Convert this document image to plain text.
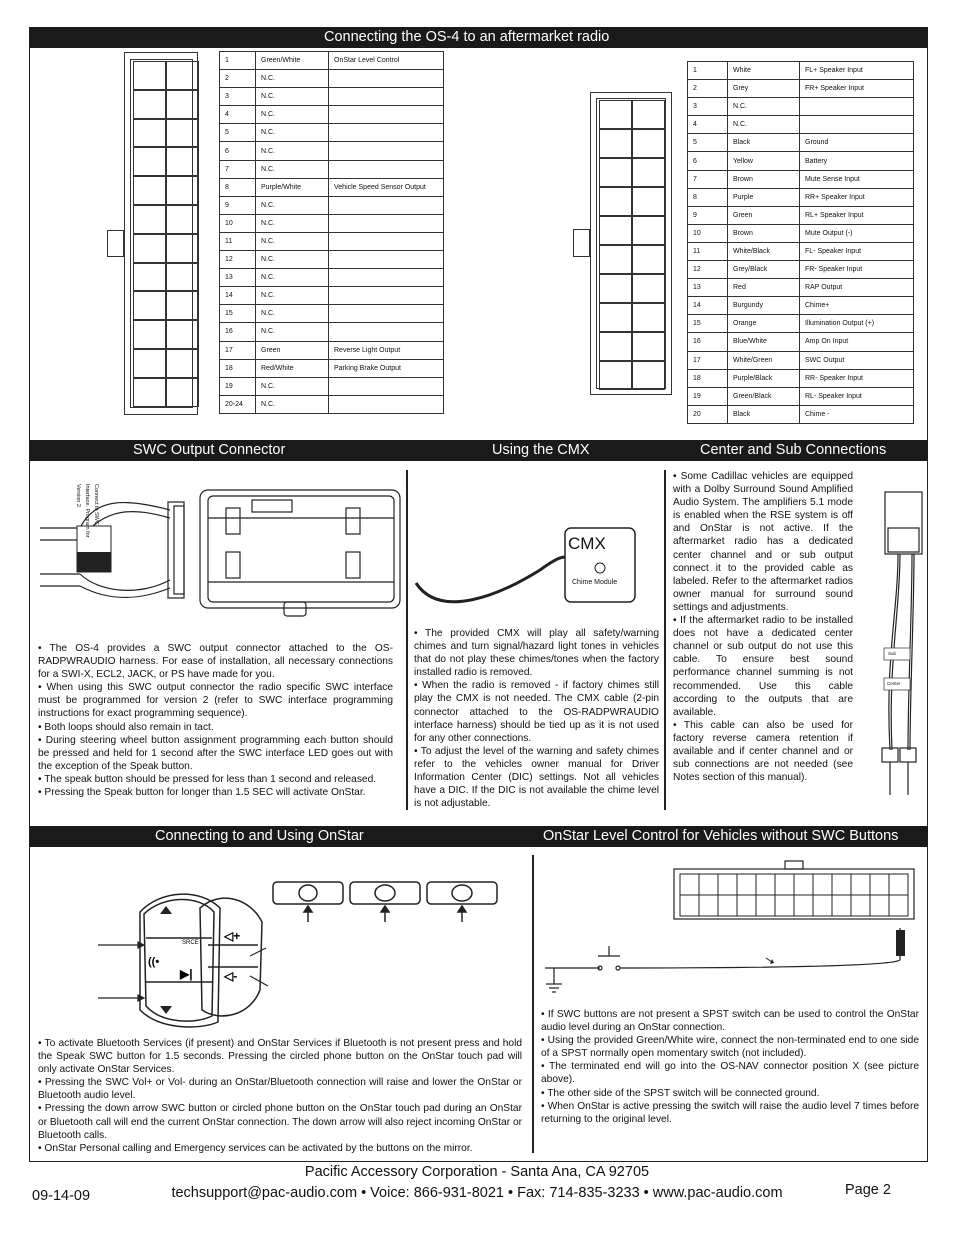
Connecting the OS-4 to an aftermarket radio
1	Green/White	OnStar Level Control
2	N.C.	
3	N.C.	
4	N.C.	
5	N.C.	
6	N.C.	
7	N.C.	
8	Purple/White	Vehicle Speed Sensor Output
9	N.C.	
10	N.C.	
11	N.C.	
12	N.C.	
13	N.C.	
14	N.C.	
15	N.C.	
16	N.C.	
17	Green	Reverse Light Output
18	Red/White	Parking Brake Output
19	N.C.	
20-24	N.C.	
1	White	FL+ Speaker Input
2	Grey	FR+ Speaker Input
3	N.C.	
4	N.C.	
5	Black	Ground
6	Yellow	Battery
7	Brown	Mute Sense Input
8	Purple	RR+ Speaker Input
9	Green	RL+ Speaker Input
10	Brown	Mute Output (-)
11	White/Black	FL- Speaker Input
12	Grey/Black	FR- Speaker Input
13	Red	RAP Output
14	Burgundy	Chime+
15	Orange	Illumination Output (+)
16	Blue/White	Amp On Input
17	White/Green	SWC Output
18	Purple/Black	RR- Speaker Input
19	Green/Black	RL- Speaker Input
20	Black	Chime -
SWC Output Connector	Using the CMX	Center and Sub Connections
Connect to SWC Interface. Program for Version 2.

• The OS-4 provides a SWC output connector attached to the OS-RADPWRAUDIO harness. For ease of installation, all necessary connections for a SWI-X, ECL2, JACK, or PS have made for you.

• When using this SWC output connector the radio specific SWC interface must be programmed for version 2 (refer to SWC interface programming instructions for exact programming sequence).

• Both loops should also remain in tact.

• During steering wheel button assignment programming each button should be pressed and held for 1 second after the SWC interface LED goes out with the exception of the Speak button.

• The speak button should be pressed for less than 1 second and released.

• Pressing the Speak button for longer than 1.5 SEC will activate OnStar.

CMX
Chime Module

• The provided CMX will play all safety/warning chimes and turn signal/hazard light tones in vehicles that do not play these chimes/tones when the factory installed radio is removed.

• When the radio is removed - if factory chimes still play the CMX is not needed. The CMX cable (2-pin connector attached to the OS-RADPWRAUDIO interface harness) should be tied up as it is not used for any other connections.

• To adjust the level of the warning and safety chimes refer to the vehicles owner manual for Driver Information Center (DIC) settings. Not all vehicles have a DIC. If the DIC is not available the chime level is not adjustable.

• Some Cadillac vehicles are equipped with a Dolby Surround Sound Amplified Audio System. The amplifiers 5.1 mode is enabled when the RSE system is off and OnStar is not active. If the aftermarket radio has a dedicated center channel and or sub output connect it to the provided cable as labeled. Refer to the aftermarket radios owner manual for surround sound settings and adjustments.

• If the aftermarket radio to be installed does not have a dedicated center channel or sub output do not use this cable. To ensure best sound performance channel summing is not recommended. Use this cable according to the outputs that are available.

• This cable can also be used for factory reverse camera retention if available and if center channel and or sub connections are not needed (see Notes section of this manual).

Sub
Center
Connecting to and Using OnStar	OnStar Level Control for Vehicles without SWC Buttons
SRCE
((•
▶|
◁+
◁-

• To activate Bluetooth Services (if present) and OnStar Services if Bluetooth is not present press and hold the Speak SWC button for 1.5 seconds. Pressing the circled phone button on the OnStar touch pad will only activate OnStar Services.

• Pressing the SWC Vol+ or Vol- during an OnStar/Bluetooth connection will raise and lower the OnStar or Bluetooth audio level.

• Pressing the down arrow SWC button or circled phone button on the OnStar touch pad during an OnStar or Bluetooth call will end the current OnStar connection. The down arrow will also reject incoming OnStar or Bluetooth calls.

• OnStar Personal calling and Emergency services can be activated by the buttons on the mirror.

• If SWC buttons are not present a SPST switch can be used to control the OnStar audio level during an OnStar connection.

• Using the provided Green/White wire, connect the non-terminated end to one side of a SPST normally open momentary switch (not included).

• The terminated end will go into the OS-NAV connector position X (see picture above).

• The other side of the SPST switch will be connected ground.

• When OnStar is active pressing the switch will raise the audio level 7 times before returning to the original level.

Pacific Accessory Corporation - Santa Ana, CA 92705
techsupport@pac-audio.com • Voice: 866-931-8021 • Fax: 714-835-3233 • www.pac-audio.com
09-14-09	Page 2
